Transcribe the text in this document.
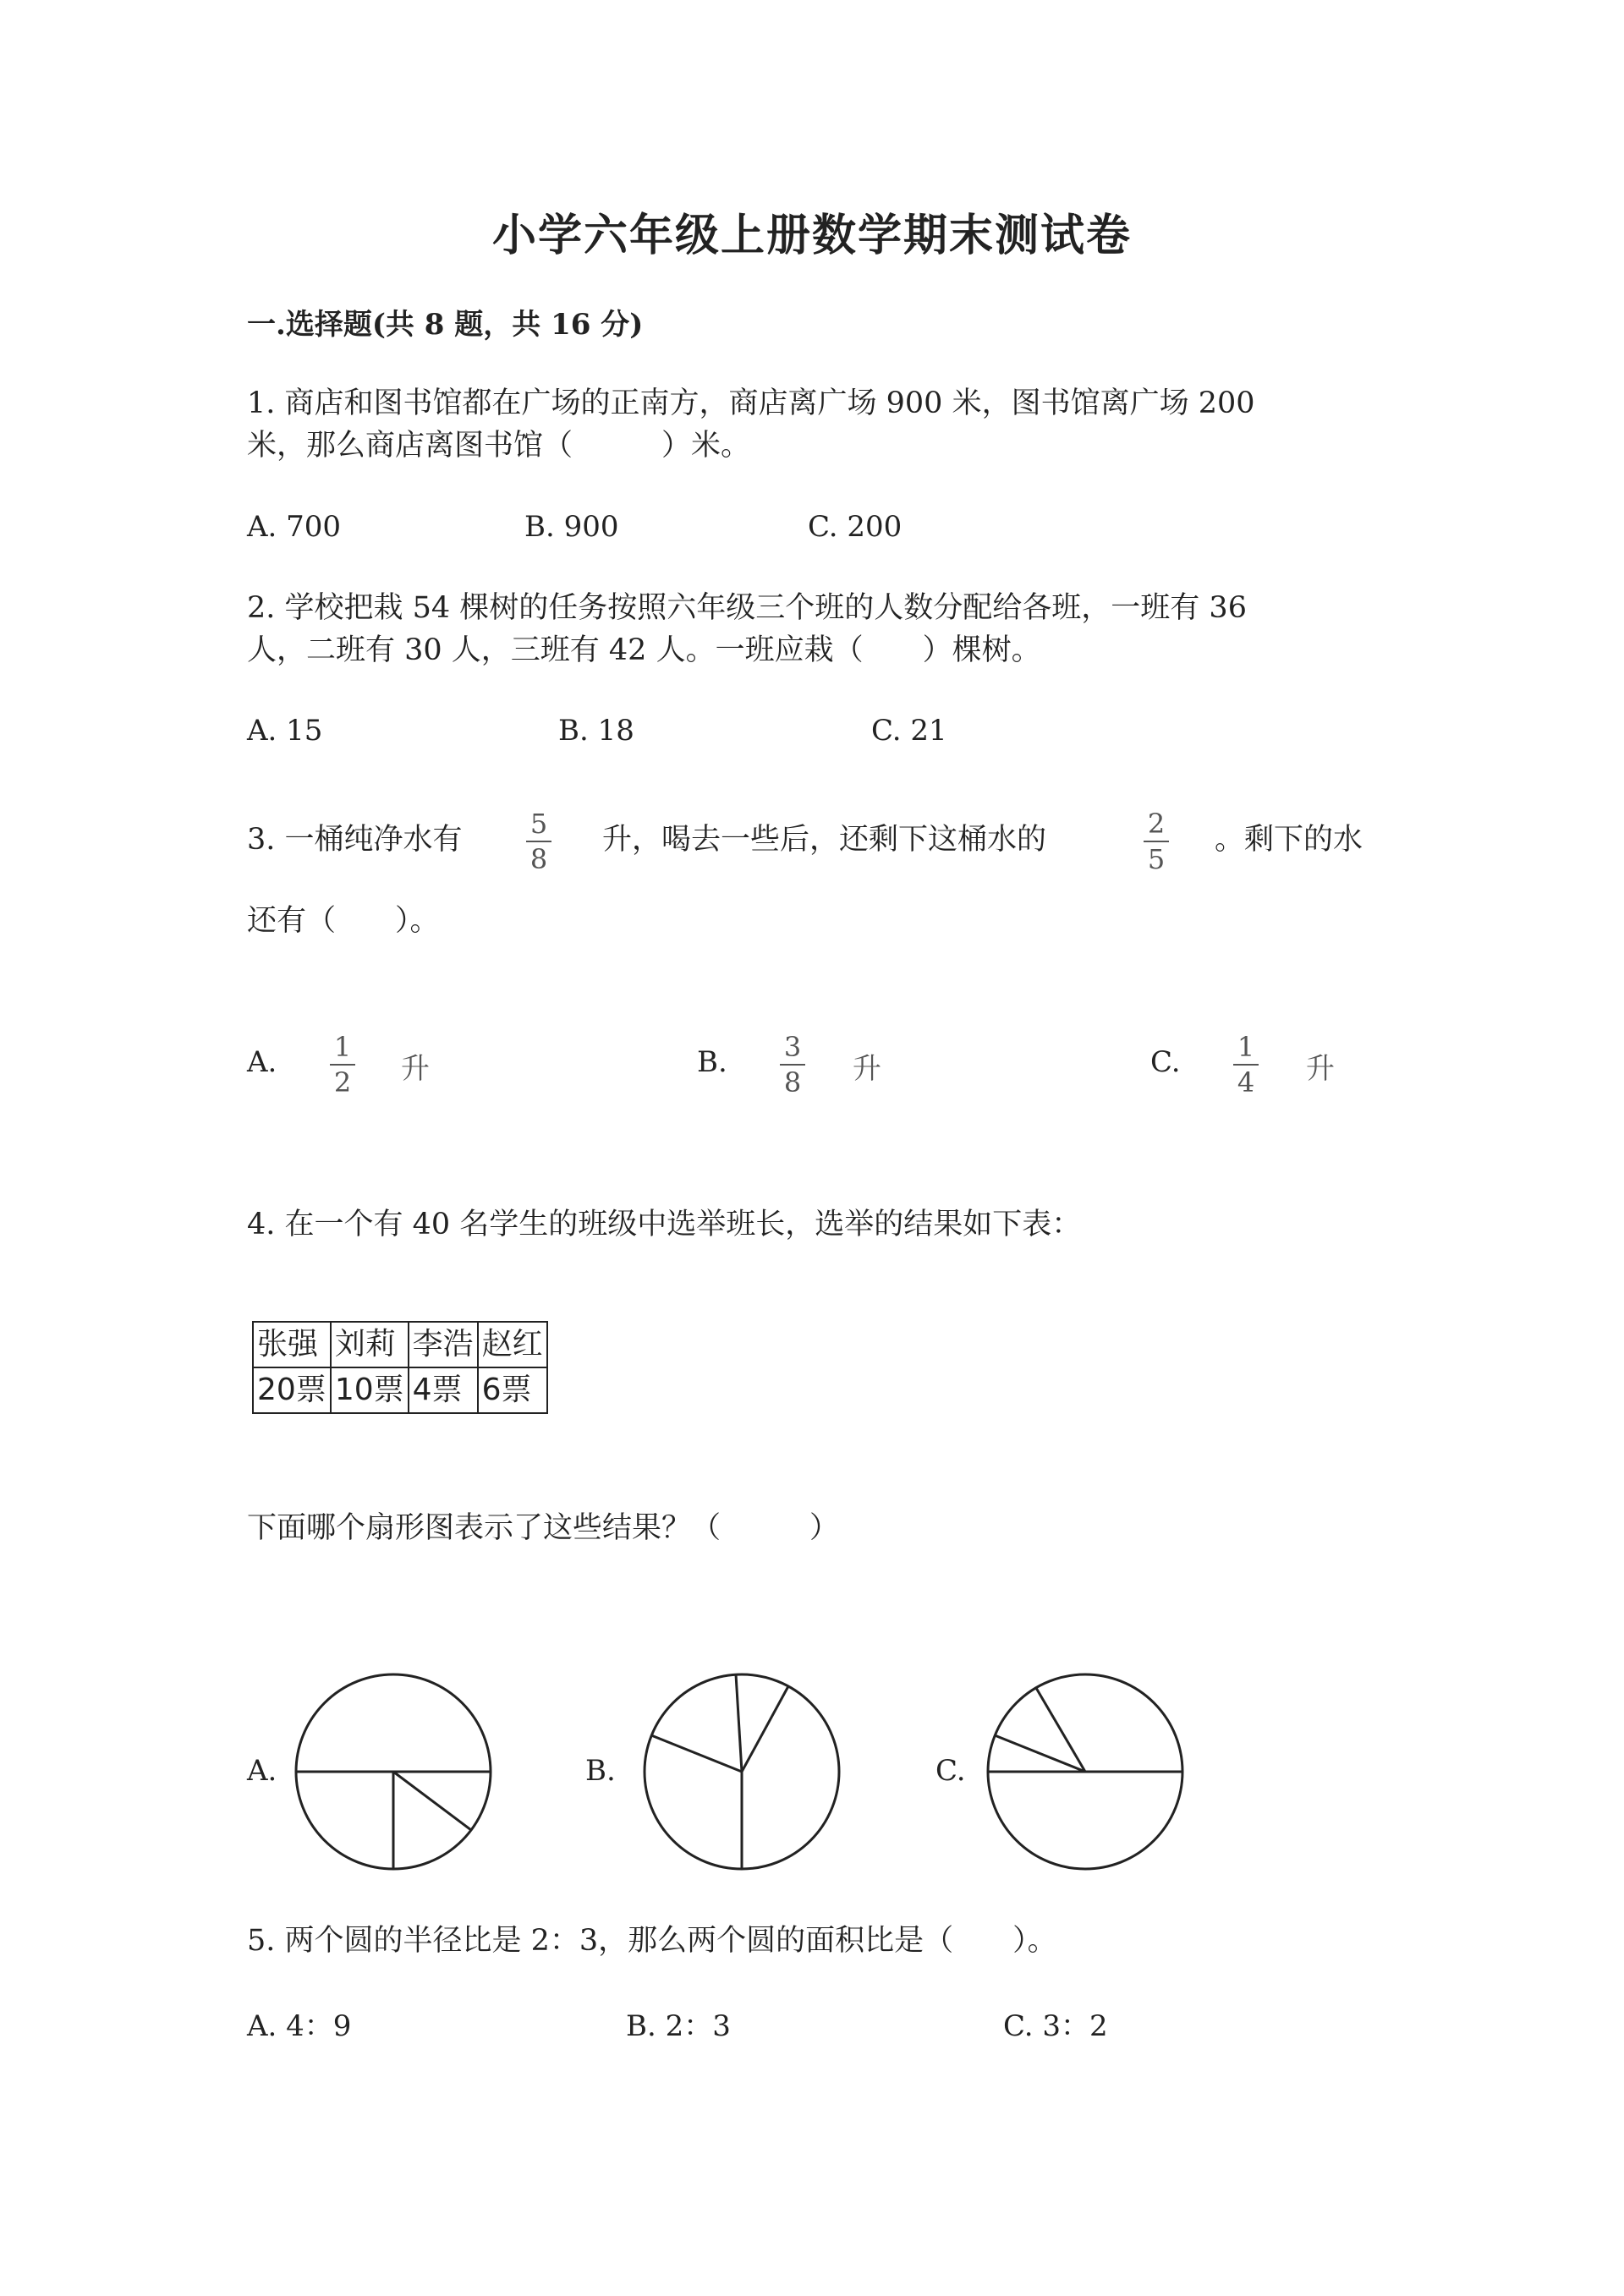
小学六年级上册数学期末测试卷
一.选择题(共 8 题，共 16 分)
1. 商店和图书馆都在广场的正南方，商店离广场 900 米，图书馆离广场 200
米，那么商店离图书馆（　　　）米。
A. 700	B. 900	C. 200
2. 学校把栽 54 棵树的任务按照六年级三个班的人数分配给各班，一班有 36
人，二班有 30 人，三班有 42 人。一班应栽（　　）棵树。
A. 15	B. 18	C. 21
3. 一桶纯净水有	5
8
升，喝去一些后，还剩下这桶水的	2
5
。剩下的水
还有（　　）。
A. 1
2 升	B. 3
8 升	C. 1
4 升
4. 在一个有 40 名学生的班级中选举班长，选举的结果如下表：
张强	刘莉	李浩	赵红
20票	10票	4票	6票
下面哪个扇形图表示了这些结果？（　　　）
A.	B.	C.
5. 两个圆的半径比是 2：3，那么两个圆的面积比是（　　）。
A. 4：9	B. 2：3	C. 3：2
